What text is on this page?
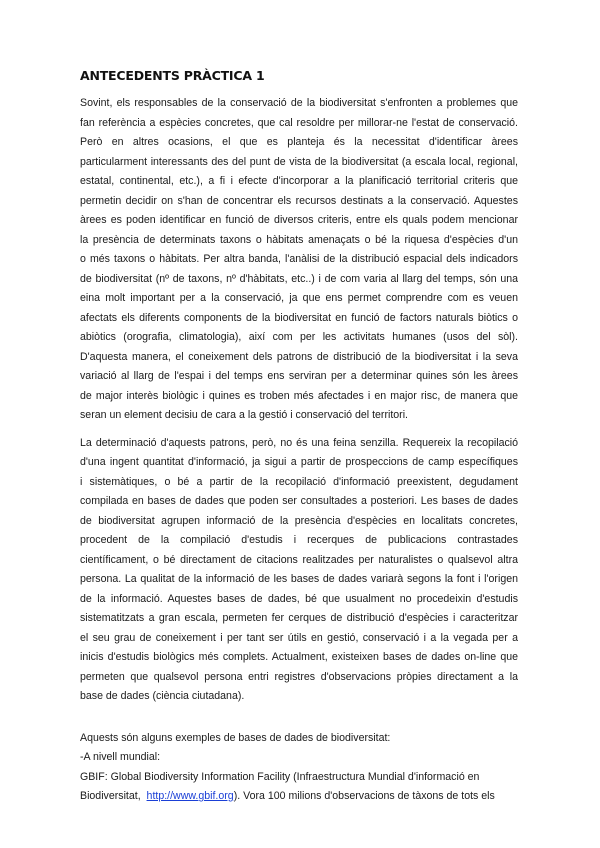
ANTECEDENTS PRÀCTICA 1
Sovint, els responsables de la conservació de la biodiversitat s'enfronten a problemes que
fan referència a espècies concretes, que cal resoldre per millorar-ne l'estat de conservació.
Però en altres ocasions, el que es planteja és la necessitat d'identificar àrees
particularment interessants des del punt de vista de la biodiversitat (a escala local, regional,
estatal, continental, etc.), a fi i efecte d'incorporar a la planificació territorial criteris que
permetin decidir on s'han de concentrar els recursos destinats a la conservació. Aquestes
àrees es poden identificar en funció de diversos criteris, entre els quals podem mencionar
la presència de determinats taxons o hàbitats amenaçats o bé la riquesa d'espècies d'un
o més taxons o hàbitats. Per altra banda, l'anàlisi de la distribució espacial dels indicadors
de biodiversitat (nº de taxons, nº d'hàbitats, etc..) i de com varia al llarg del temps, són una
eina molt important per a la conservació, ja que ens permet comprendre com es veuen
afectats els diferents components de la biodiversitat en funció de factors naturals biòtics o
abiòtics (orografia, climatologia), així com per les activitats humanes (usos del sòl).
D'aquesta manera, el coneixement dels patrons de distribució de la biodiversitat i la seva
variació al llarg de l'espai i del temps ens serviran per a determinar quines són les àrees
de major interès biològic i quines es troben més afectades i en major risc, de manera que
seran un element decisiu de cara a la gestió i conservació del territori.
La determinació d'aquests patrons, però, no és una feina senzilla. Requereix la recopilació
d'una ingent quantitat d'informació, ja sigui a partir de prospeccions de camp específiques
i sistemàtiques, o bé a partir de la recopilació d'informació preexistent, degudament
compilada en bases de dades que poden ser consultades a posteriori. Les bases de dades
de biodiversitat agrupen informació de la presència d'espècies en localitats concretes,
procedent de la compilació d'estudis i recerques de publicacions contrastades
científicament, o bé directament de citacions realitzades per naturalistes o qualsevol altra
persona. La qualitat de la informació de les bases de dades variarà segons la font i l'origen
de la informació. Aquestes bases de dades, bé que usualment no procedeixin d'estudis
sistematitzats a gran escala, permeten fer cerques de distribució d'espècies i caracteritzar
el seu grau de coneixement i per tant ser útils en gestió, conservació i a la vegada per a
inicis d'estudis biològics més complets. Actualment, existeixen bases de dades on-line que
permeten que qualsevol persona entri registres d'observacions pròpies directament a la
base de dades (ciència ciutadana).
Aquests són alguns exemples de bases de dades de biodiversitat:
-A nivell mundial:
GBIF: Global Biodiversity Information Facility (Infraestructura Mundial d'informació en
Biodiversitat,  http://www.gbif.org). Vora 100 milions d'observacions de tàxons de tots els
